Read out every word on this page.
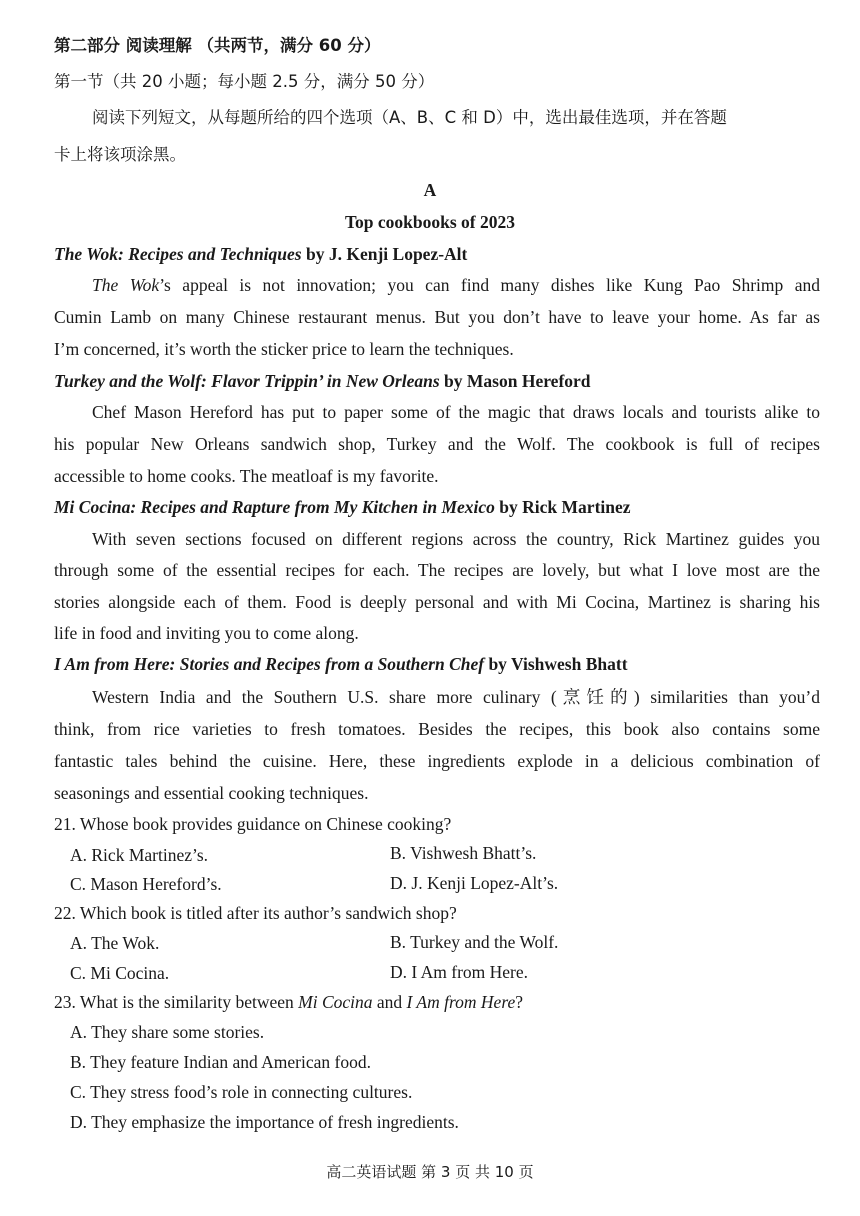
第二部分 阅读理解 （共两节，满分 60 分）
第一节（共 20 小题；每小题 2.5 分，满分 50 分）
阅读下列短文，从每题所给的四个选项（A、B、C 和 D）中，选出最佳选项，并在答题
卡上将该项涂黑。
A
Top cookbooks of 2023
The Wok: Recipes and Techniques by J. Kenji Lopez-Alt
The Wok’s appeal is not innovation; you can find many dishes like Kung Pao Shrimp and
Cumin Lamb on many Chinese restaurant menus. But you don’t have to leave your home. As far as
I’m concerned, it’s worth the sticker price to learn the techniques.
Turkey and the Wolf: Flavor Trippin’ in New Orleans by Mason Hereford
Chef Mason Hereford has put to paper some of the magic that draws locals and tourists alike to
his popular New Orleans sandwich shop, Turkey and the Wolf. The cookbook is full of recipes
accessible to home cooks. The meatloaf is my favorite.
Mi Cocina: Recipes and Rapture from My Kitchen in Mexico by Rick Martinez
With seven sections focused on different regions across the country, Rick Martinez guides you
through some of the essential recipes for each. The recipes are lovely, but what I love most are the
stories alongside each of them. Food is deeply personal and with Mi Cocina, Martinez is sharing his
life in food and inviting you to come along.
I Am from Here: Stories and Recipes from a Southern Chef by Vishwesh Bhatt
Western India and the Southern U.S. share more culinary (烹饪的) similarities than you’d
think, from rice varieties to fresh tomatoes. Besides the recipes, this book also contains some
fantastic tales behind the cuisine. Here, these ingredients explode in a delicious combination of
seasonings and essential cooking techniques.
21. Whose book provides guidance on Chinese cooking?
A. Rick Martinez’s.	B. Vishwesh Bhatt’s.
C. Mason Hereford’s.	D. J. Kenji Lopez-Alt’s.
22. Which book is titled after its author’s sandwich shop?
A. The Wok.	B. Turkey and the Wolf.
C. Mi Cocina.	D. I Am from Here.
23. What is the similarity between Mi Cocina and I Am from Here?
A. They share some stories.
B. They feature Indian and American food.
C. They stress food’s role in connecting cultures.
D. They emphasize the importance of fresh ingredients.
高二英语试题 第 3 页 共 10 页
